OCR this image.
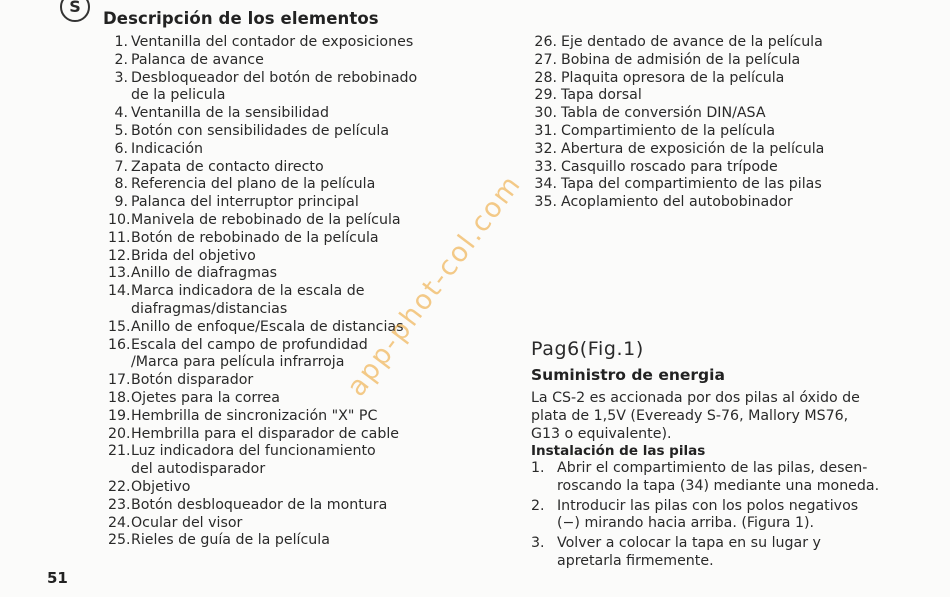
S
Descripción de los elementos
1. Ventanilla del contador de exposiciones
2. Palanca de avance
3. Desbloqueador del botón de rebobinado
de la pelicula
4. Ventanilla de la sensibilidad
5. Botón con sensibilidades de película
6. Indicación
7. Zapata de contacto directo
8. Referencia del plano de la película
9. Palanca del interruptor principal
10. Manivela de rebobinado de la película
11. Botón de rebobinado de la película
12. Brida del objetivo
13. Anillo de diafragmas
14. Marca indicadora de la escala de
diafragmas/distancias
15. Anillo de enfoque/Escala de distancias
16. Escala del campo de profundidad
/Marca para película infrarroja
17. Botón disparador
18. Ojetes para la correa
19. Hembrilla de sincronización "X" PC
20. Hembrilla para el disparador de cable
21. Luz indicadora del funcionamiento
del autodisparador
22. Objetivo
23. Botón desbloqueador de la montura
24. Ocular del visor
25. Rieles de guía de la película
26. Eje dentado de avance de la película
27. Bobina de admisión de la película
28. Plaquita opresora de la película
29. Tapa dorsal
30. Tabla de conversión DIN/ASA
31. Compartimiento de la película
32. Abertura de exposición de la película
33. Casquillo roscado para trípode
34. Tapa del compartimiento de las pilas
35. Acoplamiento del autobobinador
Pag6(Fig.1)
Suministro de energia
La CS-2 es accionada por dos pilas al óxido de
plata de 1,5V (Eveready S-76, Mallory MS76,
G13 o equivalente).
Instalación de las pilas
1. Abrir el compartimiento de las pilas, desen-
roscando la tapa (34) mediante una moneda.
2. Introducir las pilas con los polos negativos
(−) mirando hacia arriba. (Figura 1).
3. Volver a colocar la tapa en su lugar y
apretarla firmemente.
51
app-phot-col.com
